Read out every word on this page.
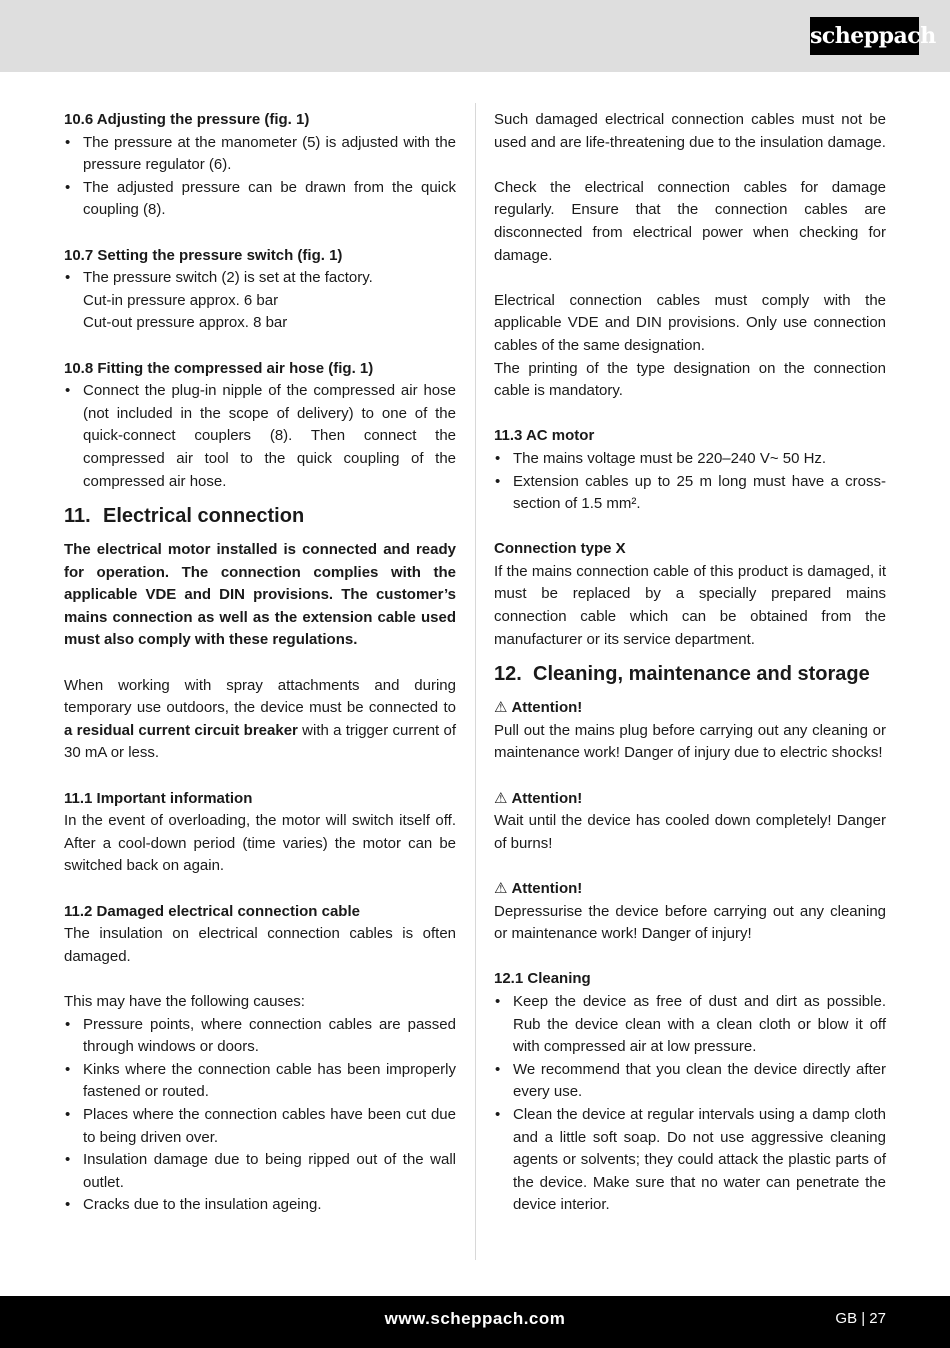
scheppach

10.6 Adjusting the pressure (fig. 1)

• The pressure at the manometer (5) is adjusted with the pressure regulator (6).
• The adjusted pressure can be drawn from the quick coupling (8).

10.7 Setting the pressure switch (fig. 1)

• The pressure switch (2) is set at the factory.
Cut-in pressure approx. 6 bar
Cut-out pressure approx. 8 bar

10.8 Fitting the compressed air hose (fig. 1)

• Connect the plug-in nipple of the compressed air hose (not included in the scope of delivery) to one of the quick-connect couplers (8). Then connect the compressed air tool to the quick coupling of the compressed air hose.
11. Electrical connection

The electrical motor installed is connected and ready for operation. The connection complies with the applicable VDE and DIN provisions. The customer’s mains connection as well as the extension cable used must also comply with these regulations.

When working with spray attachments and during temporary use outdoors, the device must be connected to a residual current circuit breaker with a trigger current of 30 mA or less.

11.1 Important information

In the event of overloading, the motor will switch itself off. After a cool-down period (time varies) the motor can be switched back on again.

11.2 Damaged electrical connection cable

The insulation on electrical connection cables is often damaged.

This may have the following causes:

• Pressure points, where connection cables are passed through windows or doors.
• Kinks where the connection cable has been improperly fastened or routed.
• Places where the connection cables have been cut due to being driven over.
• Insulation damage due to being ripped out of the wall outlet.
• Cracks due to the insulation ageing.

Such damaged electrical connection cables must not be used and are life-threatening due to the insulation damage.

Check the electrical connection cables for damage regularly. Ensure that the connection cables are disconnected from electrical power when checking for damage.

Electrical connection cables must comply with the applicable VDE and DIN provisions. Only use connection cables of the same designation.

The printing of the type designation on the connection cable is mandatory.

11.3 AC motor

• The mains voltage must be 220–240 V~ 50 Hz.
• Extension cables up to 25 m long must have a cross-section of 1.5 mm².

Connection type X

If the mains connection cable of this product is damaged, it must be replaced by a specially prepared mains connection cable which can be obtained from the manufacturer or its service department.

12. Cleaning, maintenance and storage

⚠ Attention!

Pull out the mains plug before carrying out any cleaning or maintenance work! Danger of injury due to electric shocks!

⚠ Attention!

Wait until the device has cooled down completely! Danger of burns!

⚠ Attention!

Depressurise the device before carrying out any cleaning or maintenance work! Danger of injury!

12.1 Cleaning

• Keep the device as free of dust and dirt as possible. Rub the device clean with a clean cloth or blow it off with compressed air at low pressure.
• We recommend that you clean the device directly after every use.
• Clean the device at regular intervals using a damp cloth and a little soft soap. Do not use aggressive cleaning agents or solvents; they could attack the plastic parts of the device. Make sure that no water can penetrate the device interior.
www.scheppach.com	GB | 27
